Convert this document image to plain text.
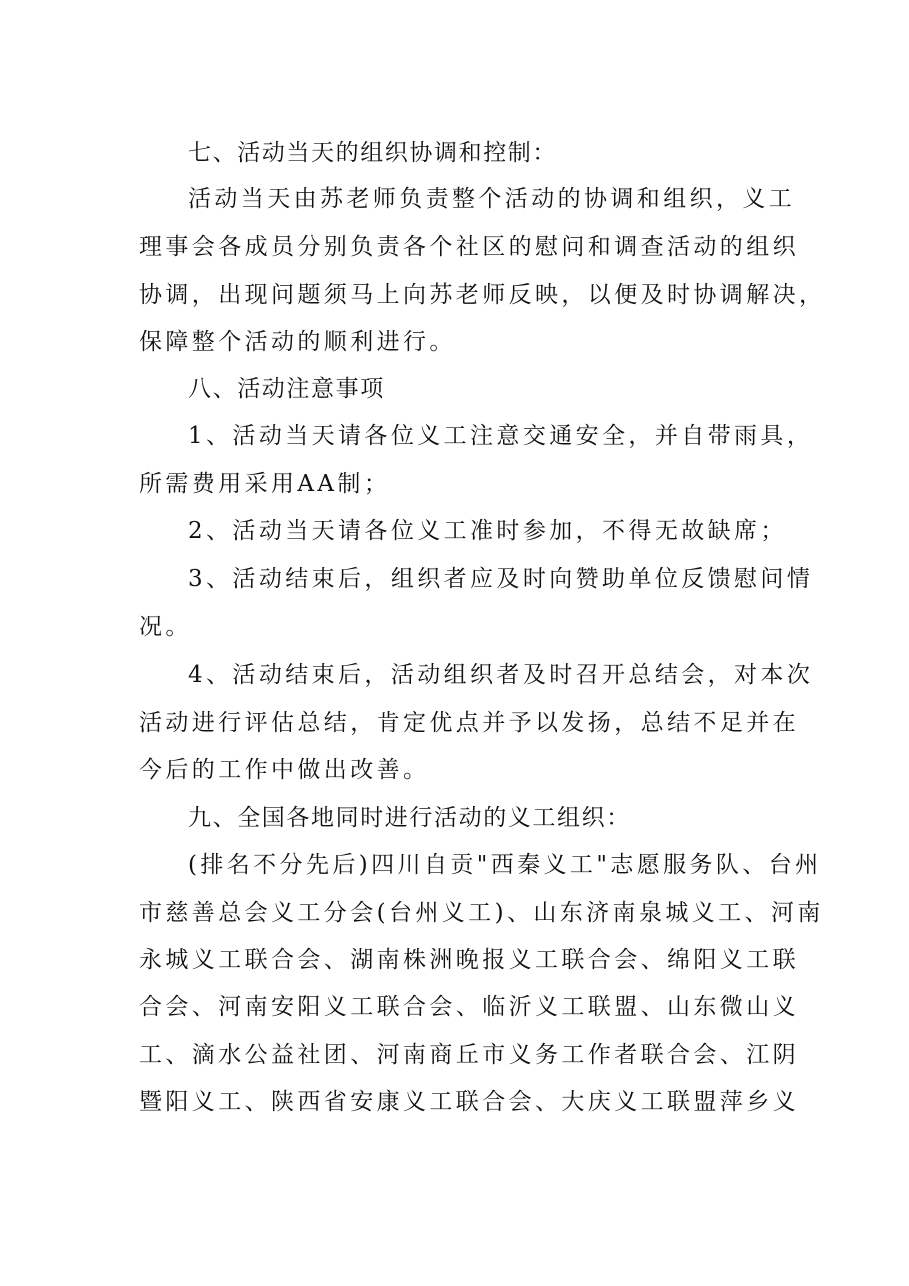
七、活动当天的组织协调和控制：
活动当天由苏老师负责整个活动的协调和组织，义工
理事会各成员分别负责各个社区的慰问和调查活动的组织
协调，出现问题须马上向苏老师反映，以便及时协调解决，
保障整个活动的顺利进行。
八、活动注意事项
1、活动当天请各位义工注意交通安全，并自带雨具，
所需费用采用AA制；
2、活动当天请各位义工准时参加，不得无故缺席；
3、活动结束后，组织者应及时向赞助单位反馈慰问情
况。
4、活动结束后，活动组织者及时召开总结会，对本次
活动进行评估总结，肯定优点并予以发扬，总结不足并在
今后的工作中做出改善。
九、全国各地同时进行活动的义工组织：
(排名不分先后)四川自贡"西秦义工"志愿服务队、台州
市慈善总会义工分会(台州义工)、山东济南泉城义工、河南
永城义工联合会、湖南株洲晚报义工联合会、绵阳义工联
合会、河南安阳义工联合会、临沂义工联盟、山东微山义
工、滴水公益社团、河南商丘市义务工作者联合会、江阴
暨阳义工、陕西省安康义工联合会、大庆义工联盟萍乡义
